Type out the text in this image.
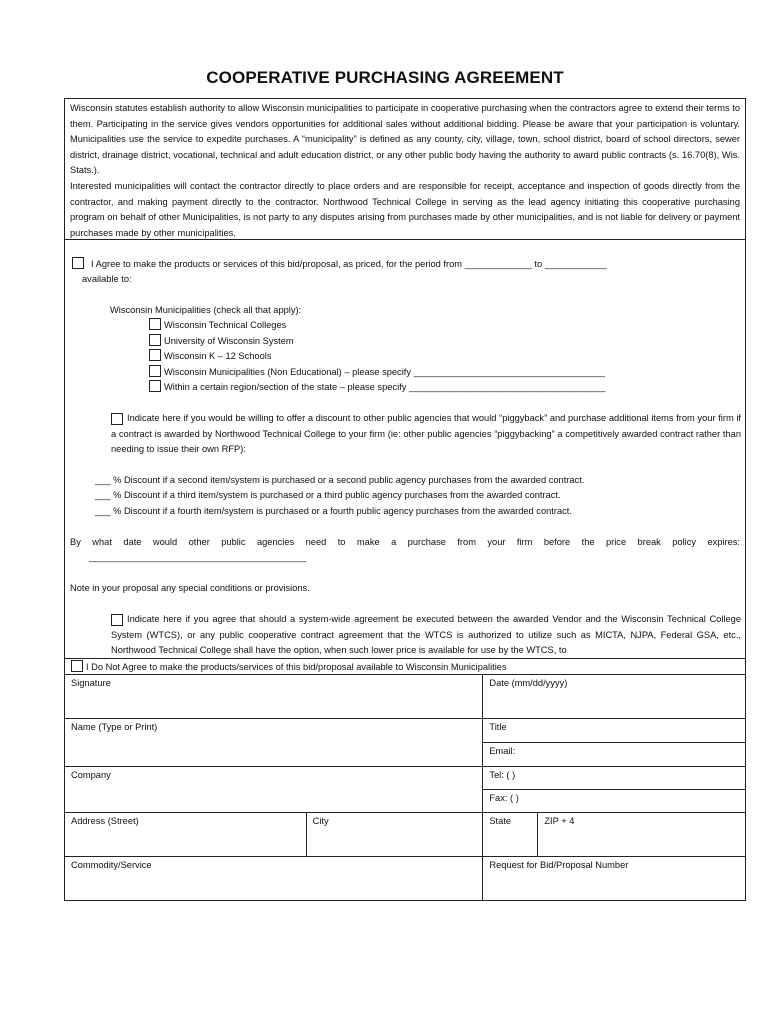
COOPERATIVE PURCHASING AGREEMENT

Wisconsin statutes establish authority to allow Wisconsin municipalities to participate in cooperative purchasing when the contractors agree to extend their terms to them. Participating in the service gives vendors opportunities for additional sales without additional bidding. Please be aware that your participation is voluntary. Municipalities use the service to expedite purchases. A “municipality” is defined as any county, city, village, town, school district, board of school directors, sewer district, drainage district, vocational, technical and adult education district, or any other public body having the authority to award public contracts (s. 16.70(8), Wis. Stats.).

Interested municipalities will contact the contractor directly to place orders and are responsible for receipt, acceptance and inspection of goods directly from the contractor, and making payment directly to the contractor. Northwood Technical College in serving as the lead agency initiating this cooperative purchasing program on behalf of other Municipalities, is not party to any disputes arising from purchases made by other municipalities, and is not liable for delivery or payment purchases made by other municipalities.

I Agree to make the products or services of this bid/proposal, as priced, for the period from _____________ to ____________
available to:
Wisconsin Municipalities (check all that apply):
Wisconsin Technical Colleges
University of Wisconsin System
Wisconsin K – 12 Schools
Wisconsin Municipalities (Non Educational) – please specify _____________________________________
Within a certain region/section of the state – please specify ______________________________________
Indicate here if you would be willing to offer a discount to other public agencies that would “piggyback” and purchase additional items from your firm if a contract is awarded by Northwood Technical College to your firm (ie: other public agencies “piggybacking” a competitively awarded contract rather than needing to issue their own RFP):
___ % Discount if a second item/system is purchased or a second public agency purchases from the awarded contract.
___ % Discount if a third item/system is purchased or a third public agency purchases from the awarded contract.
___ % Discount if a fourth item/system is purchased or a fourth public agency purchases from the awarded contract.
By what date would other public agencies need to make a purchase from your firm before the price break policy expires:
__________________________________________
Note in your proposal any special conditions or provisions.
Indicate here if you agree that should a system-wide agreement be executed between the awarded Vendor and the Wisconsin Technical College System (WTCS), or any public cooperative contract agreement that the WTCS is authorized to utilize such as MICTA, NJPA, Federal GSA, etc., Northwood Technical College shall have the option, when such lower price is available for use by the WTCS, to
I Do Not Agree to make the products/services of this bid/proposal available to Wisconsin Municipalities			
Signature		Date (mm/dd/yyyy)	
Name (Type or Print)		Title	
		Email:	
Company		Tel: ( )	
		Fax: ( )	
Address (Street)	City	State	ZIP + 4
Commodity/Service		Request for Bid/Proposal Number	
